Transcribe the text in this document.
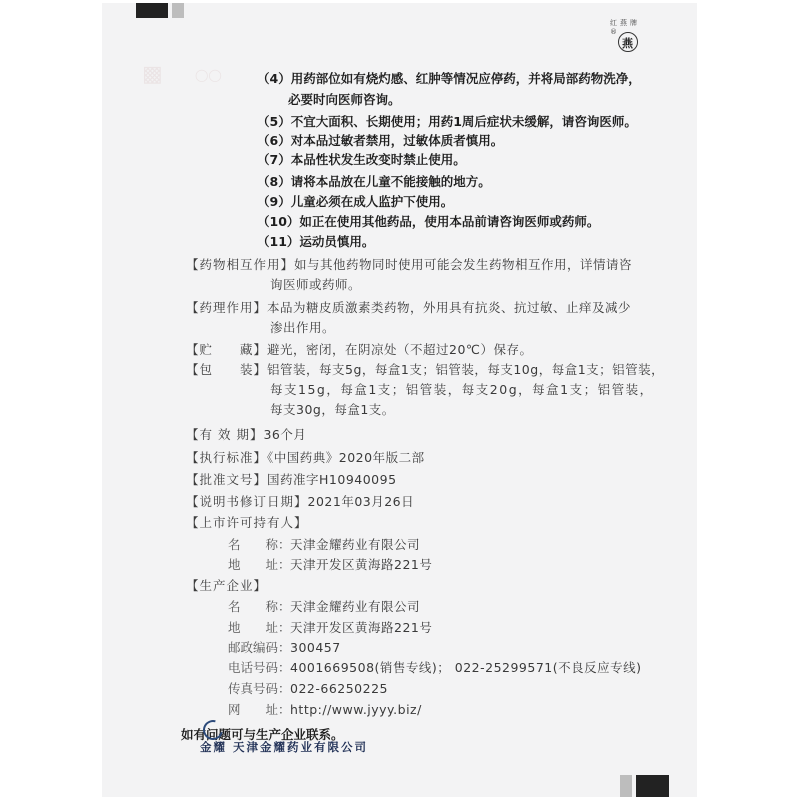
▩	◯◯
红燕牌®
燕
（4）用药部位如有烧灼感、红肿等情况应停药，并将局部药物洗净，
必要时向医师咨询。
（5）不宜大面积、长期使用；用药1周后症状未缓解，请咨询医师。
（6）对本品过敏者禁用，过敏体质者慎用。
（7）本品性状发生改变时禁止使用。
（8）请将本品放在儿童不能接触的地方。
（9）儿童必须在成人监护下使用。
（10）如正在使用其他药品，使用本品前请咨询医师或药师。
（11）运动员慎用。
【药物相互作用】如与其他药物同时使用可能会发生药物相互作用，详情请咨
询医师或药师。
【药理作用】本品为糖皮质激素类药物，外用具有抗炎、抗过敏、止痒及减少
渗出作用。
【贮　　藏】避光，密闭，在阴凉处（不超过20℃）保存。
【包　　装】铝管装，每支5g，每盒1支；铝管装，每支10g，每盒1支；铝管装，
每支15g，每盒1支；铝管装，每支20g，每盒1支；铝管装，
每支30g，每盒1支。
【有 效 期】36个月
【执行标准】《中国药典》2020年版二部
【批准文号】国药准字H10940095
【说明书修订日期】2021年03月26日
【上市许可持有人】
名　　称：天津金耀药业有限公司
地　　址：天津开发区黄海路221号
【生产企业】
名　　称：天津金耀药业有限公司
地　　址：天津开发区黄海路221号
邮政编码：300457
电话号码：4001669508(销售专线)； 022-25299571(不良反应专线)
传真号码：022-66250225
网　　址：http://www.jyyy.biz/
如有问题可与生产企业联系。
金耀 天津金耀药业有限公司
